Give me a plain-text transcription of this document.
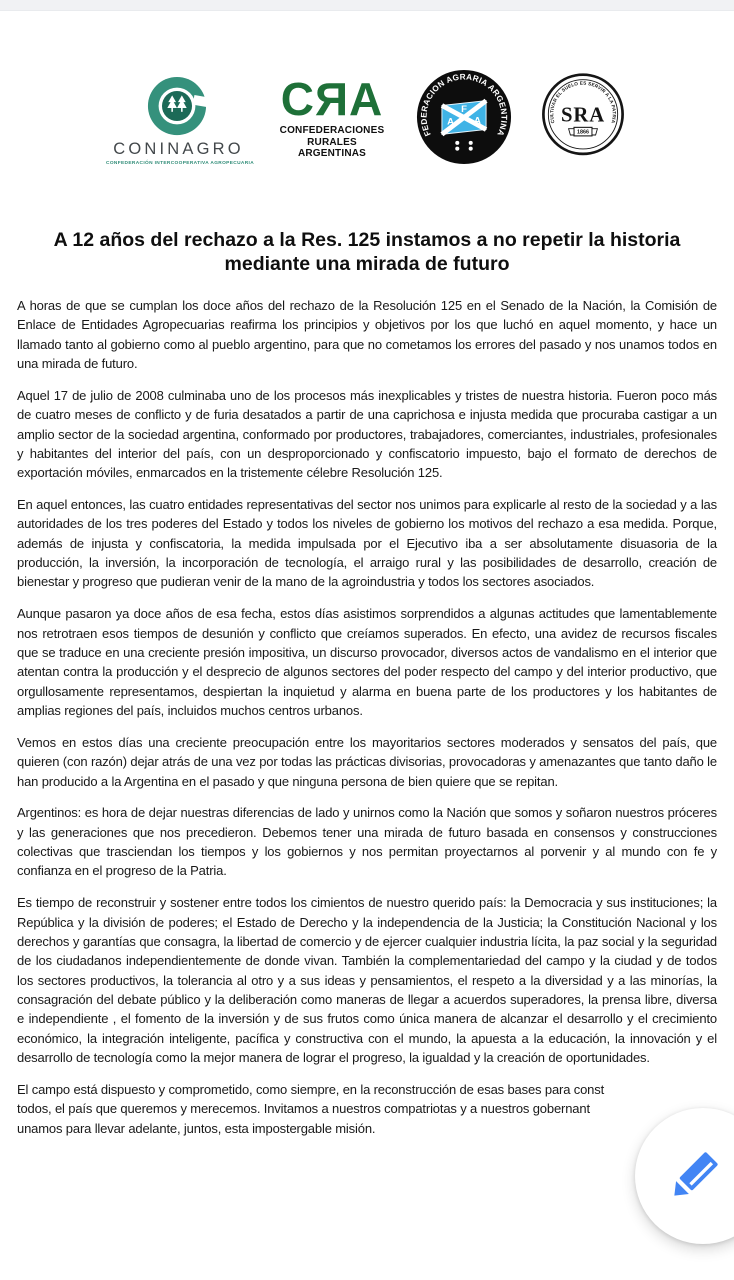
CONINAGRO
CONFEDERACIÓN INTERCOOPERATIVA AGROPECUARIA
CЯA
CONFEDERACIONES
RURALES
ARGENTINAS
FEDERACION AGRARIA ARGENTINA
F
A A	CULTIVAR EL SUELO ES SERVIR A LA PATRIA
SRA
1866
A 12 años del rechazo a la Res. 125 instamos a no repetir la historia
mediante una mirada de futuro

A horas de que se cumplan los doce años del rechazo de la Resolución 125 en el Senado de la Nación, la Comisión de Enlace de Entidades Agropecuarias reafirma los principios y objetivos por los que luchó en aquel momento, y hace un llamado tanto al gobierno como al pueblo argentino, para que no cometamos los errores del pasado y nos unamos todos en una mirada de futuro.

Aquel 17 de julio de 2008 culminaba uno de los procesos más inexplicables y tristes de nuestra historia. Fueron poco más de cuatro meses de conflicto y de furia desatados a partir de una caprichosa e injusta medida que procuraba castigar a un amplio sector de la sociedad argentina, conformado por productores, trabajadores, comerciantes, industriales, profesionales y habitantes del interior del país, con un desproporcionado y confiscatorio impuesto, bajo el formato de derechos de exportación móviles, enmarcados en la tristemente célebre Resolución 125.

En aquel entonces, las cuatro entidades representativas del sector nos unimos para explicarle al resto de la sociedad y a las autoridades de los tres poderes del Estado y todos los niveles de gobierno los motivos del rechazo a esa medida. Porque, además de injusta y confiscatoria, la medida impulsada por el Ejecutivo iba a ser absolutamente disuasoria de la producción, la inversión, la incorporación de tecnología, el arraigo rural y las posibilidades de desarrollo, creación de bienestar y progreso que pudieran venir de la mano de la agroindustria y todos los sectores asociados.

Aunque pasaron ya doce años de esa fecha, estos días asistimos sorprendidos a algunas actitudes que lamentablemente nos retrotraen esos tiempos de desunión y conflicto que creíamos superados. En efecto, una avidez de recursos fiscales que se traduce en una creciente presión impositiva, un discurso provocador, diversos actos de vandalismo en el interior que atentan contra la producción y el desprecio de algunos sectores del poder respecto del campo y del interior productivo, que orgullosamente representamos, despiertan la inquietud y alarma en buena parte de los productores y los habitantes de amplias regiones del país, incluidos muchos centros urbanos.

Vemos en estos días una creciente preocupación entre los mayoritarios sectores moderados y sensatos del país, que quieren (con razón) dejar atrás de una vez por todas las prácticas divisorias, provocadoras y amenazantes que tanto daño le han producido a la Argentina en el pasado y que ninguna persona de bien quiere que se repitan.

Argentinos: es hora de dejar nuestras diferencias de lado y unirnos como la Nación que somos y soñaron nuestros próceres y las generaciones que nos precedieron. Debemos tener una mirada de futuro basada en consensos y construcciones colectivas que trasciendan los tiempos y los gobiernos y nos permitan proyectarnos al porvenir y al mundo con fe y confianza en el progreso de la Patria.

Es tiempo de reconstruir y sostener entre todos los cimientos de nuestro querido país: la Democracia y sus instituciones; la República y la división de poderes; el Estado de Derecho y la independencia de la Justicia; la Constitución Nacional y los derechos y garantías que consagra, la libertad de comercio y de ejercer cualquier industria lícita, la paz social y la seguridad de los ciudadanos independientemente de donde vivan. También la complementariedad del campo y la ciudad y de todos los sectores productivos, la tolerancia al otro y a sus ideas y pensamientos, el respeto a la diversidad y a las minorías, la consagración del debate público y la deliberación como maneras de llegar a acuerdos superadores, la prensa libre, diversa e independiente , el fomento de la inversión y de sus frutos como única manera de alcanzar el desarrollo y el crecimiento económico, la integración inteligente, pacífica y constructiva con el mundo, la apuesta a la educación, la innovación y el desarrollo de tecnología como la mejor manera de lograr el progreso, la igualdad y la creación de oportunidades.

El campo está dispuesto y comprometido, como siempre, en la reconstrucción de esas bases para const
todos, el país que queremos y merecemos. Invitamos a nuestros compatriotas y a nuestros gobernant
unamos para llevar adelante, juntos, esta impostergable misión.
